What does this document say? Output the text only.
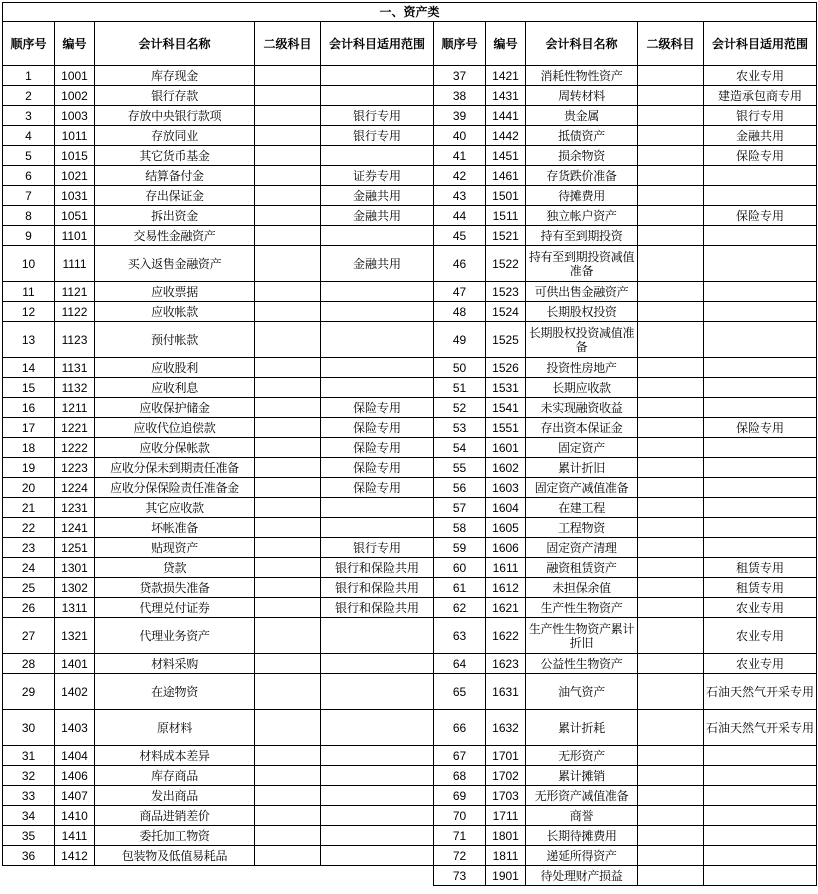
一、资产类									
顺序号	编号	会计科目名称	二级科目	会计科目适用范围	顺序号	编号	会计科目名称	二级科目	会计科目适用范围
1	1001	库存现金			37	1421	消耗性物性资产		农业专用
2	1002	银行存款			38	1431	周转材料		建造承包商专用
3	1003	存放中央银行款项		银行专用	39	1441	贵金属		银行专用
4	1011	存放同业		银行专用	40	1442	抵债资产		金融共用
5	1015	其它货币基金			41	1451	损余物资		保险专用
6	1021	结算备付金		证券专用	42	1461	存货跌价准备		
7	1031	存出保证金		金融共用	43	1501	待摊费用		
8	1051	拆出资金		金融共用	44	1511	独立帐户资产		保险专用
9	1101	交易性金融资产			45	1521	持有至到期投资		
10	1111	买入返售金融资产		金融共用	46	1522	持有至到期投资减值准备		
11	1121	应收票据			47	1523	可供出售金融资产		
12	1122	应收帐款			48	1524	长期股权投资		
13	1123	预付帐款			49	1525	长期股权投资减值准备		
14	1131	应收股利			50	1526	投资性房地产		
15	1132	应收利息			51	1531	长期应收款		
16	1211	应收保护储金		保险专用	52	1541	未实现融资收益		
17	1221	应收代位追偿款		保险专用	53	1551	存出资本保证金		保险专用
18	1222	应收分保帐款		保险专用	54	1601	固定资产		
19	1223	应收分保未到期责任准备		保险专用	55	1602	累计折旧		
20	1224	应收分保保险责任准备金		保险专用	56	1603	固定资产减值准备		
21	1231	其它应收款			57	1604	在建工程		
22	1241	坏帐准备			58	1605	工程物资		
23	1251	贴现资产		银行专用	59	1606	固定资产清理		
24	1301	贷款		银行和保险共用	60	1611	融资租赁资产		租赁专用
25	1302	贷款损失准备		银行和保险共用	61	1612	未担保余值		租赁专用
26	1311	代理兑付证券		银行和保险共用	62	1621	生产性生物资产		农业专用
27	1321	代理业务资产			63	1622	生产性生物资产累计折旧		农业专用
28	1401	材料采购			64	1623	公益性生物资产		农业专用
29	1402	在途物资			65	1631	油气资产		石油天然气开采专用
30	1403	原材料			66	1632	累计折耗		石油天然气开采专用
31	1404	材料成本差异			67	1701	无形资产		
32	1406	库存商品			68	1702	累计摊销		
33	1407	发出商品			69	1703	无形资产减值准备		
34	1410	商品进销差价			70	1711	商誉		
35	1411	委托加工物资			71	1801	长期待摊费用		
36	1412	包装物及低值易耗品			72	1811	递延所得资产		
					73	1901	待处理财产损益		
